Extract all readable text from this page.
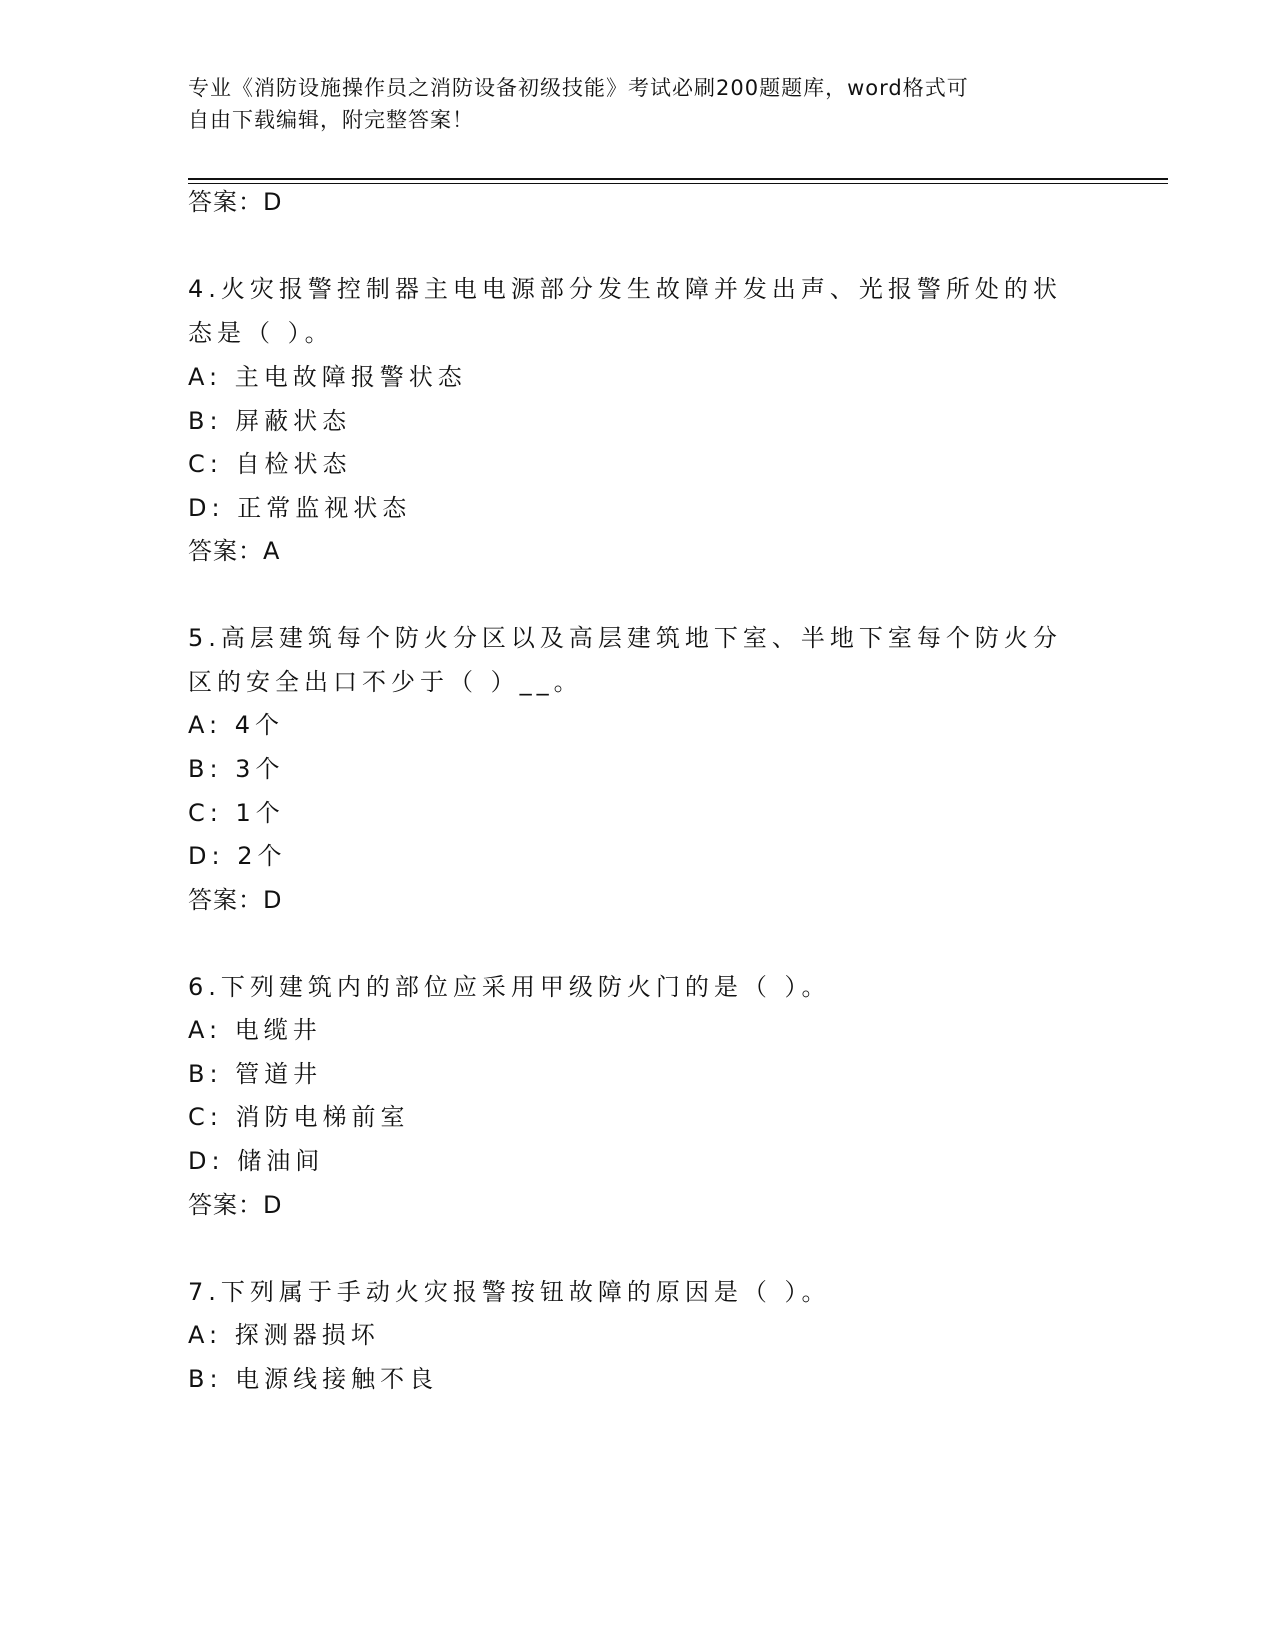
专业《消防设施操作员之消防设备初级技能》考试必刷200题题库，word格式可
自由下载编辑，附完整答案！
答案：D
4.火灾报警控制器主电电源部分发生故障并发出声、光报警所处的状
态是（ ）。
A: 主电故障报警状态
B: 屏蔽状态
C: 自检状态
D: 正常监视状态
答案：A
5.高层建筑每个防火分区以及高层建筑地下室、半地下室每个防火分
区的安全出口不少于（ ）__。
A: 4个
B: 3个
C: 1个
D: 2个
答案：D
6.下列建筑内的部位应采用甲级防火门的是（ ）。
A: 电缆井
B: 管道井
C: 消防电梯前室
D: 储油间
答案：D
7.下列属于手动火灾报警按钮故障的原因是（ ）。
A: 探测器损坏
B: 电源线接触不良
